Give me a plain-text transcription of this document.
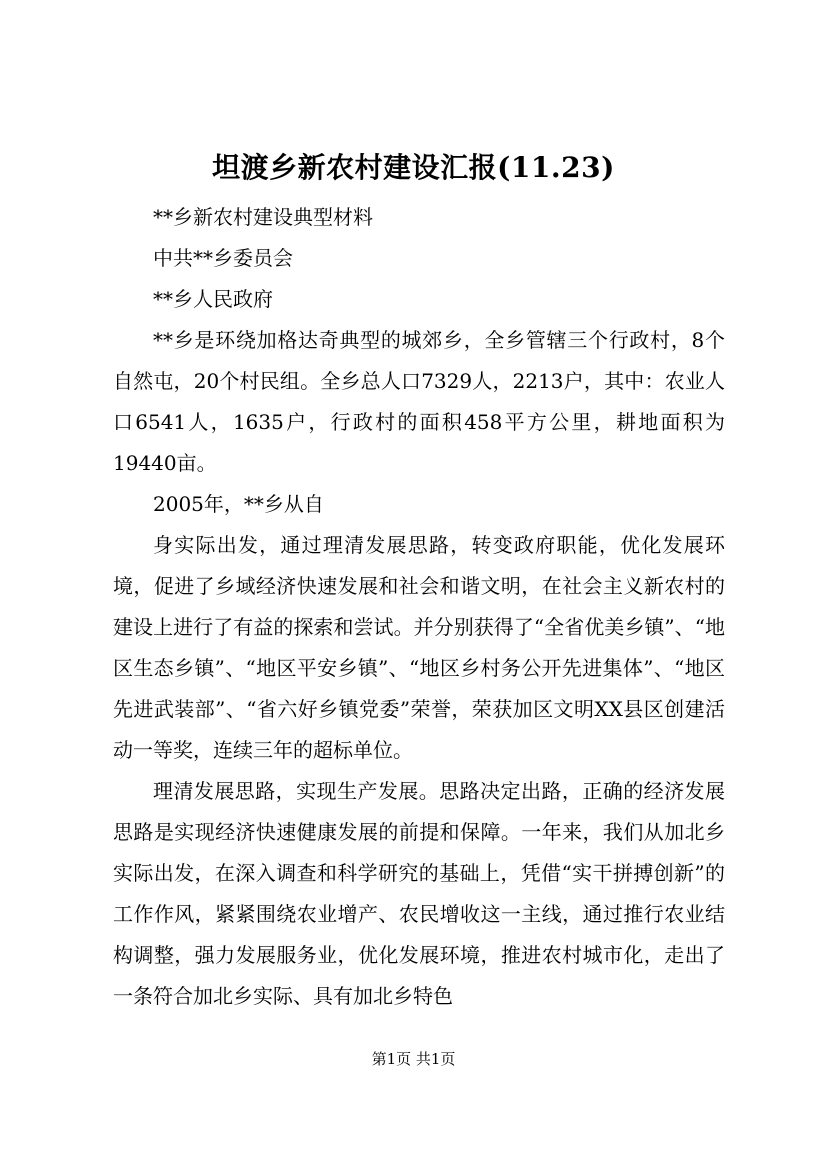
坦渡乡新农村建设汇报(11.23)

**乡新农村建设典型材料

中共**乡委员会

**乡人民政府

**乡是环绕加格达奇典型的城郊乡，全乡管辖三个行政村，8个自然屯，20个村民组。全乡总人口7329人，2213户，其中：农业人口6541人，1635户，行政村的面积458平方公里，耕地面积为19440亩。

2005年，**乡从自

身实际出发，通过理清发展思路，转变政府职能，优化发展环境，促进了乡域经济快速发展和社会和谐文明，在社会主义新农村的建设上进行了有益的探索和尝试。并分别获得了“全省优美乡镇”、“地区生态乡镇”、“地区平安乡镇”、“地区乡村务公开先进集体”、“地区先进武装部”、“省六好乡镇党委”荣誉，荣获加区文明XX县区创建活动一等奖，连续三年的超标单位。

理清发展思路，实现生产发展。思路决定出路，正确的经济发展思路是实现经济快速健康发展的前提和保障。一年来，我们从加北乡实际出发，在深入调查和科学研究的基础上，凭借“实干拼搏创新”的工作作风，紧紧围绕农业增产、农民增收这一主线，通过推行农业结构调整，强力发展服务业，优化发展环境，推进农村城市化，走出了一条符合加北乡实际、具有加北乡特色

第1页 共1页
